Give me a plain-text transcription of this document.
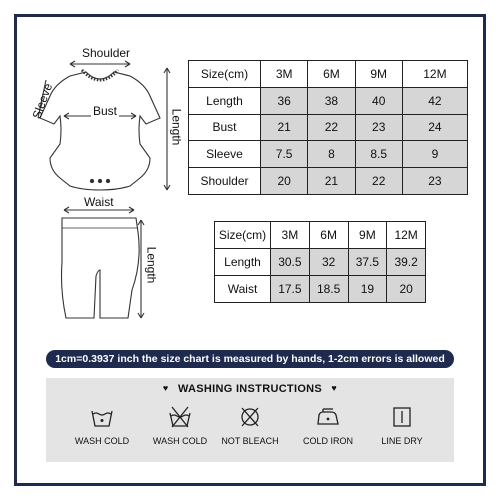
Shoulder
Sleeve	Bust	Length
Waist
Length
Size(cm)	3M	6M	9M	12M
Length	36	38	40	42
Bust	21	22	23	24
Sleeve	7.5	8	8.5	9
Shoulder	20	21	22	23
Size(cm)	3M	6M	9M	12M
Length	30.5	32	37.5	39.2
Waist	17.5	18.5	19	20
1cm=0.3937 inch the size chart is measured by hands, 1-2cm errors is allowed
♥ WASHING INSTRUCTIONS ♥
WASH COLD	WASH COLD	NOT BLEACH	COLD IRON	LINE DRY
